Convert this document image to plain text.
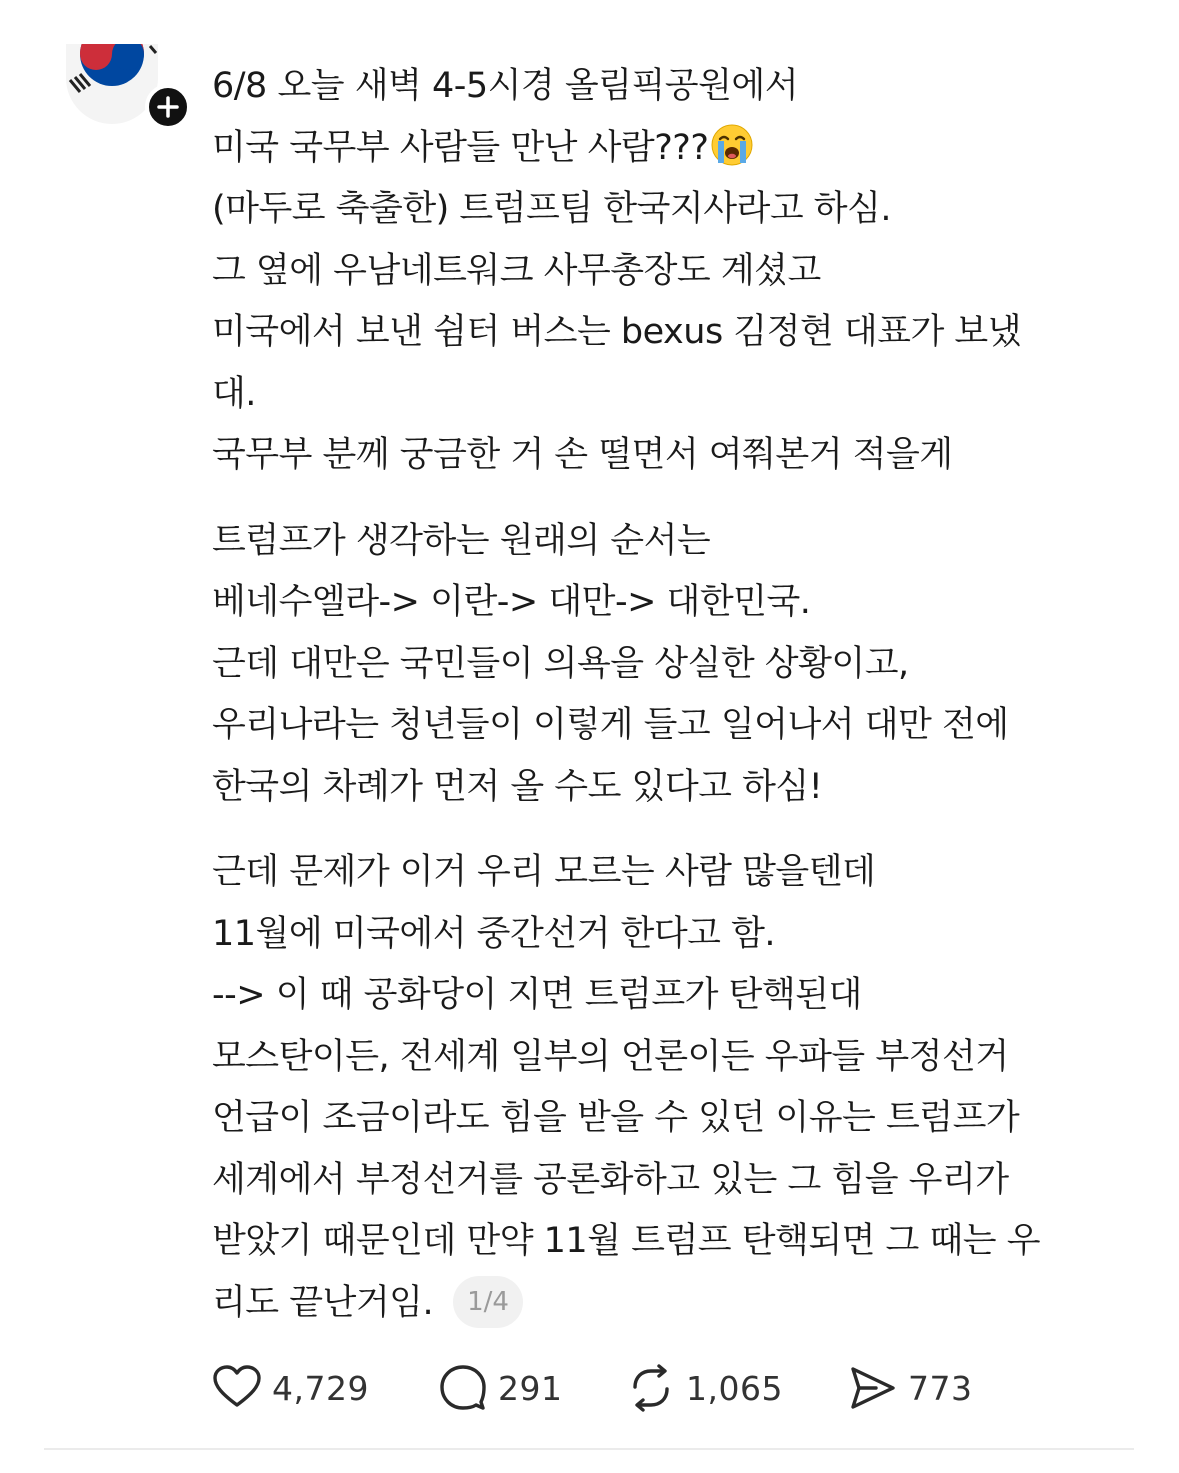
6/8 오늘 새벽 4-5시경 올림픽공원에서
미국 국무부 사람들 만난 사람???
(마두로 축출한) 트럼프팀 한국지사라고 하심.
그 옆에 우남네트워크 사무총장도 계셨고
미국에서 보낸 쉼터 버스는 bexus 김정현 대표가 보냈
대.
국무부 분께 궁금한 거 손 떨면서 여쭤본거 적을게
트럼프가 생각하는 원래의 순서는
베네수엘라-> 이란-> 대만-> 대한민국.
근데 대만은 국민들이 의욕을 상실한 상황이고,
우리나라는 청년들이 이렇게 들고 일어나서 대만 전에
한국의 차례가 먼저 올 수도 있다고 하심!
근데 문제가 이거 우리 모르는 사람 많을텐데
11월에 미국에서 중간선거 한다고 함.
--> 이 때 공화당이 지면 트럼프가 탄핵된대
모스탄이든, 전세계 일부의 언론이든 우파들 부정선거
언급이 조금이라도 힘을 받을 수 있던 이유는 트럼프가
세계에서 부정선거를 공론화하고 있는 그 힘을 우리가
받았기 때문인데 만약 11월 트럼프 탄핵되면 그 때는 우
리도 끝난거임. 1/4
4,729	291	1,065	773
